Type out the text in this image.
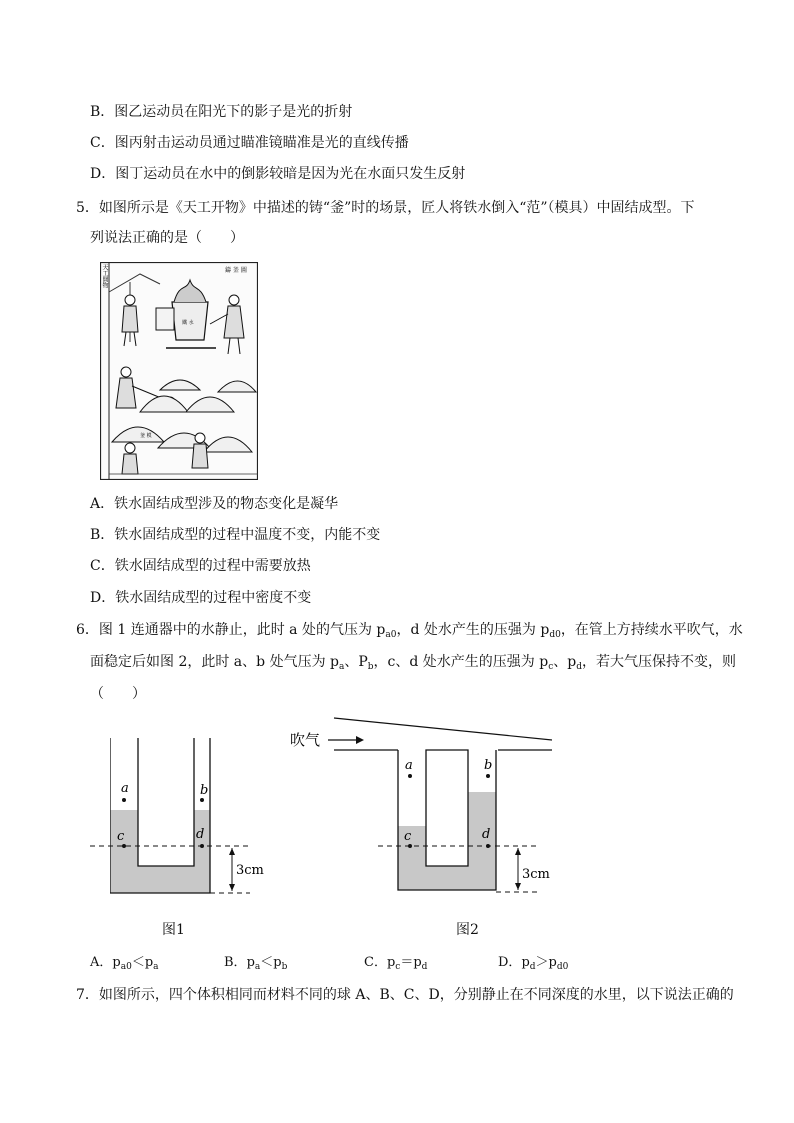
B．图乙运动员在阳光下的影子是光的折射
C．图丙射击运动员通过瞄准镜瞄准是光的直线传播
D．图丁运动员在水中的倒影较暗是因为光在水面只发生反射
5．如图所示是《天工开物》中描述的铸“釜”时的场景，匠人将铁水倒入“范”（模具）中固结成型。下
列说法正确的是（　　）
天工開物	鑄 釜 圖
鐵 水
釜 模
A．铁水固结成型涉及的物态变化是凝华
B．铁水固结成型的过程中温度不变，内能不变
C．铁水固结成型的过程中需要放热
D．铁水固结成型的过程中密度不变
6．图 1 连通器中的水静止，此时 a 处的气压为 $p_{a0}$，d 处水产生的压强为 $p_{d0}$，在管上方持续水平吹气，水
面稳定后如图 2，此时 a、b 处气压为 $p_a$、$P_b$，c、d 处水产生的压强为 $p_c$、$p_d$，若大气压保持不变，则
（　　）
a	b
c	d
3cm
图1
吹气
a	b
c	d
3cm
图2
A．$p_{a0}<p_a$	B．$p_a<p_b$	C．$p_c=p_d$	D．$p_d>p_{d0}$
7．如图所示，四个体积相同而材料不同的球 A、B、C、D，分别静止在不同深度的水里，以下说法正确的
